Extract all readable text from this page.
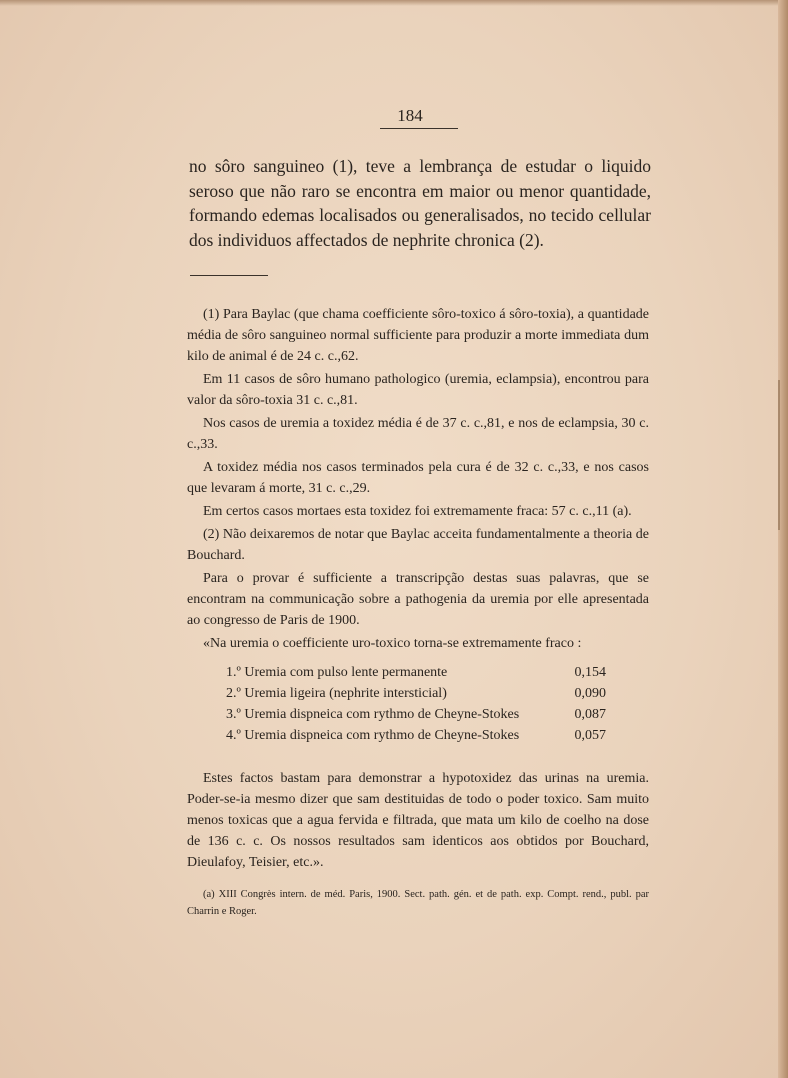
184

no sôro sanguineo (1), teve a lembrança de estudar o liquido seroso que não raro se encontra em maior ou menor quantidade, formando edemas localisados ou generalisados, no tecido cellular dos individuos affectados de nephrite chronica (2).

(1) Para Baylac (que chama coefficiente sôro-toxico á sôro-toxia), a quantidade média de sôro sanguineo normal sufficiente para produzir a morte immediata dum kilo de animal é de 24 c. c.,62.

Em 11 casos de sôro humano pathologico (uremia, eclampsia), encontrou para valor da sôro-toxia 31 c. c.,81.

Nos casos de uremia a toxidez média é de 37 c. c.,81, e nos de eclampsia, 30 c. c.,33.

A toxidez média nos casos terminados pela cura é de 32 c. c.,33, e nos casos que levaram á morte, 31 c. c.,29.

Em certos casos mortaes esta toxidez foi extremamente fraca: 57 c. c.,11 (a).

(2) Não deixaremos de notar que Baylac acceita fundamentalmente a theoria de Bouchard.

Para o provar é sufficiente a transcripção destas suas palavras, que se encontram na communicação sobre a pathogenia da uremia por elle apresentada ao congresso de Paris de 1900.

«Na uremia o coefficiente uro-toxico torna-se extremamente fraco :

1.º Uremia com pulso lente permanente	0,154
2.º Uremia ligeira (nephrite intersticial)	0,090
3.º Uremia dispneica com rythmo de Cheyne-Stokes	0,087
4.º Uremia dispneica com rythmo de Cheyne-Stokes	0,057

Estes factos bastam para demonstrar a hypotoxidez das urinas na uremia. Poder-se-ia mesmo dizer que sam destituidas de todo o poder toxico. Sam muito menos toxicas que a agua fervida e filtrada, que mata um kilo de coelho na dose de 136 c. c. Os nossos resultados sam identicos aos obtidos por Bouchard, Dieulafoy, Teisier, etc.».

(a) XIII Congrès intern. de méd. Paris, 1900. Sect. path. gén. et de path. exp. Compt. rend., publ. par Charrin e Roger.
